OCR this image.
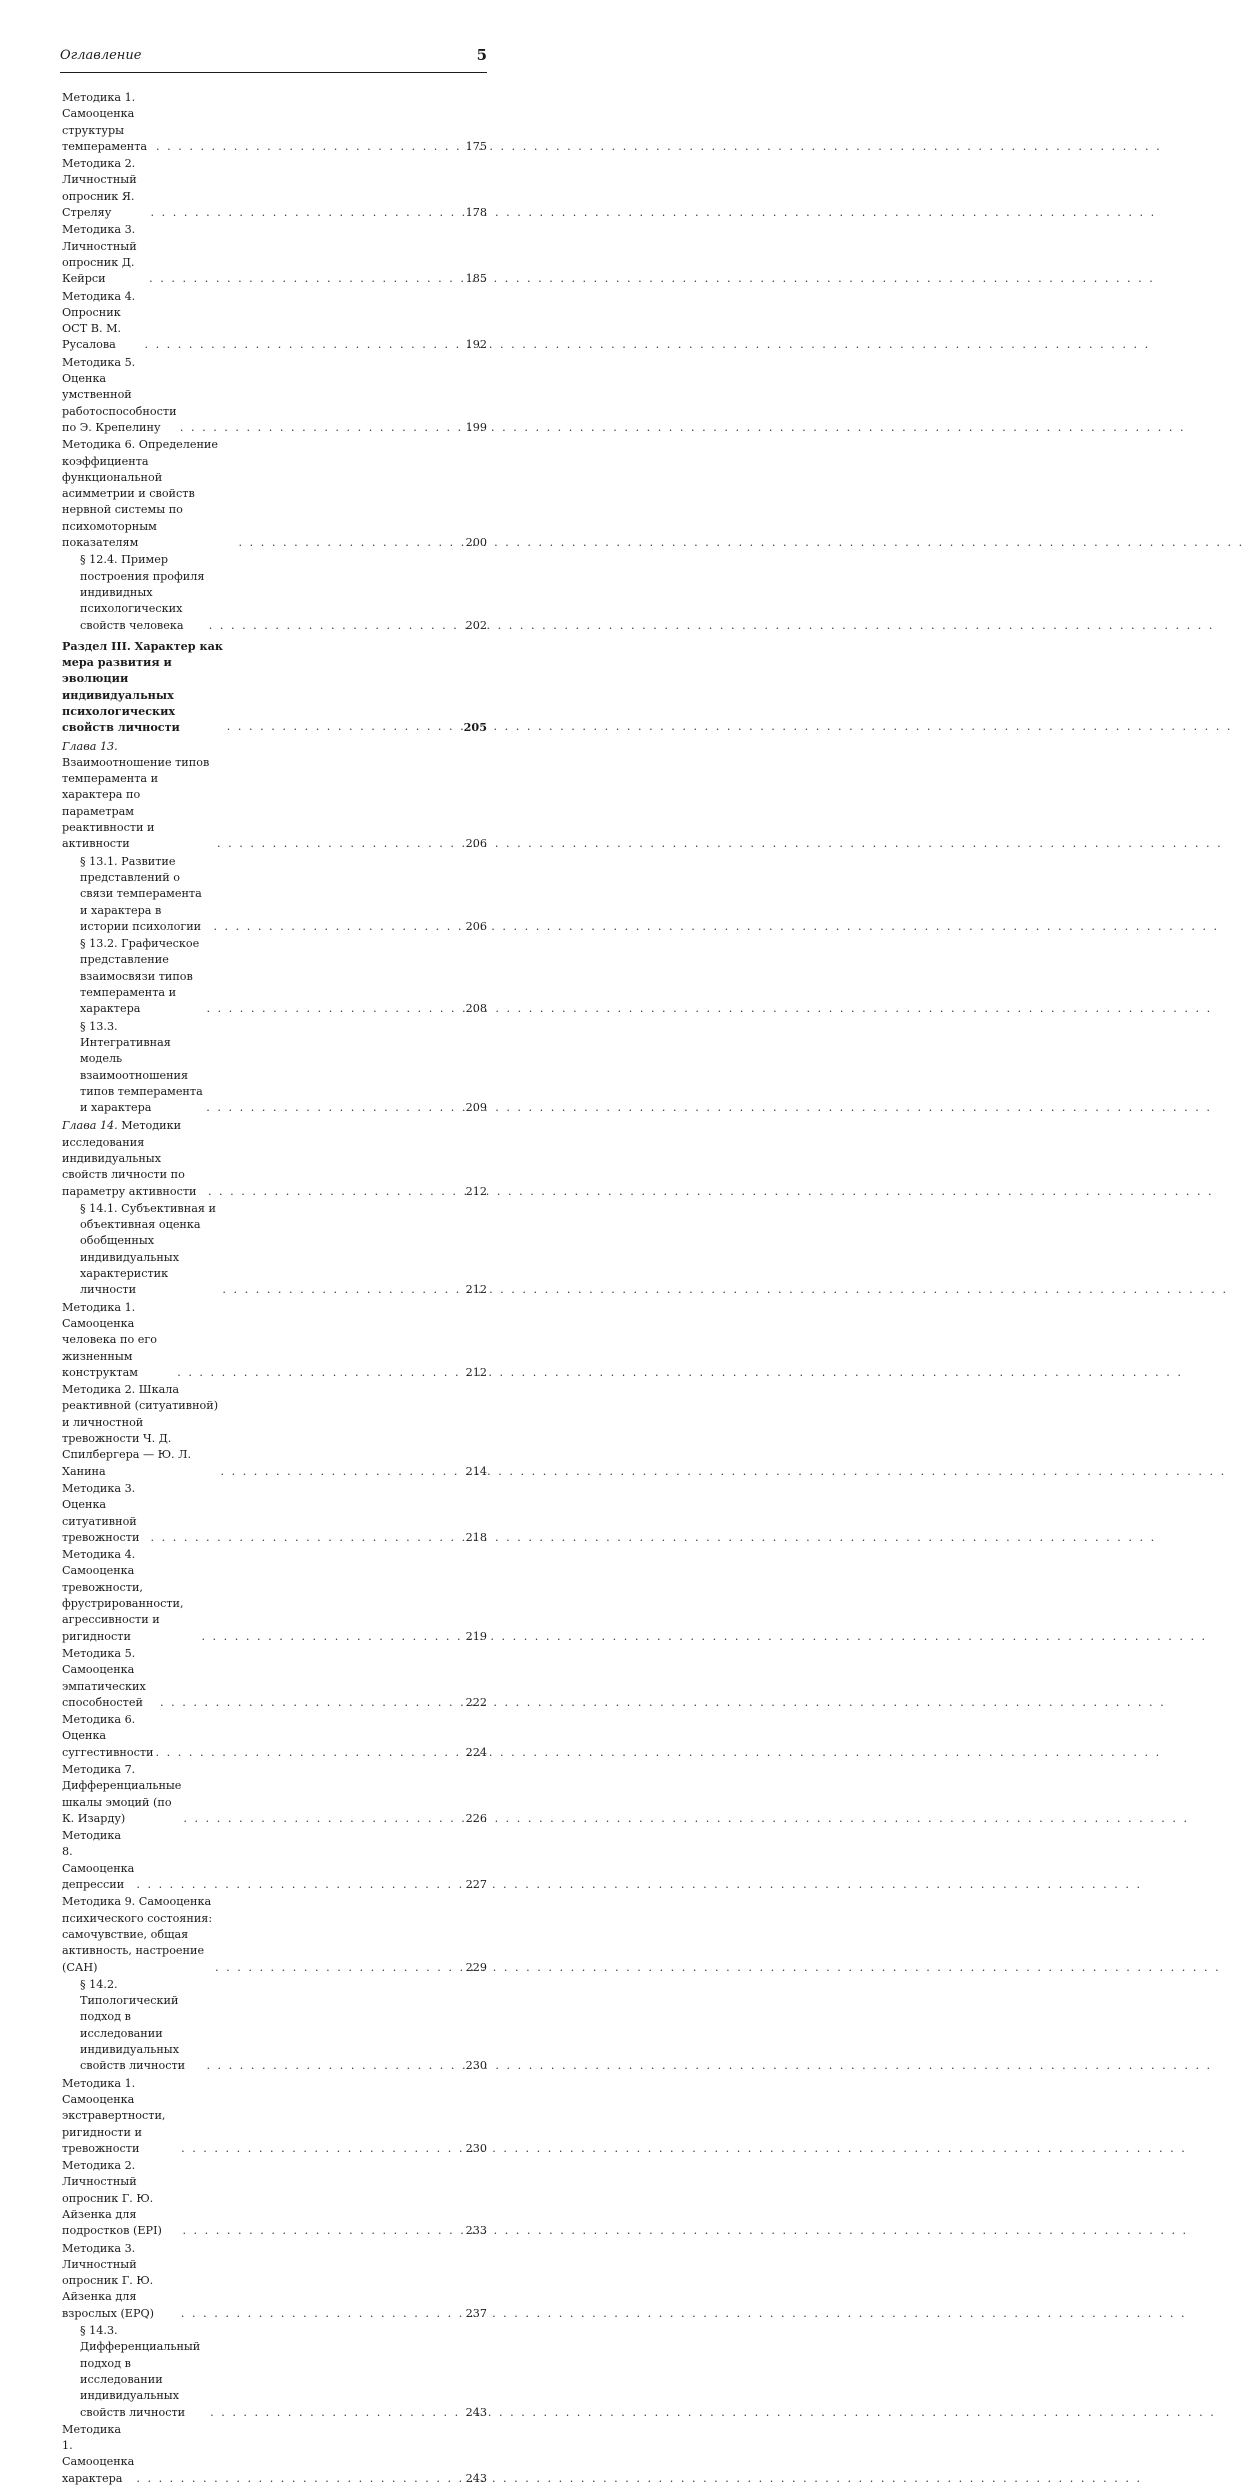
Оглавление	5
Методика 1. Самооценка структуры темперамента . . .	175
Методика 2. Личностный опросник Я. Стреляу . . .	178
Методика 3. Личностный опросник Д. Кейрси . . .	185
Методика 4. Опросник ОСТ В. М. Русалова . . .	192
Методика 5. Оценка умственной работоспособности по Э. Крепелину . . .	199
Методика 6. Определение коэффициента функциональной асимметрии и свойств нервной системы по психомоторным показателям . . .	200
§ 12.4. Пример построения профиля индивидных психологических свойств человека . . .	202
Раздел III. Характер как мера развития и эволюции индивидуальных психологических свойств личности . . .	205
Глава 13. Взаимоотношение типов темперамента и характера по параметрам реактивности и активности . . .	206
§ 13.1. Развитие представлений о связи темперамента и характера в истории психологии . . .	206
§ 13.2. Графическое представление взаимосвязи типов темперамента и характера . . .	208
§ 13.3. Интегративная модель взаимоотношения типов темперамента и характера . . .	209
Глава 14. Методики исследования индивидуальных свойств личности по параметру активности . . .	212
§ 14.1. Субъективная и объективная оценка обобщенных индивидуальных характеристик личности . . .	212
Методика 1. Самооценка человека по его жизненным конструктам . . .	212
Методика 2. Шкала реактивной (ситуативной) и личностной тревожности Ч. Д. Спилбергера — Ю. Л. Ханина . . .	214
Методика 3. Оценка ситуативной тревожности . . .	218
Методика 4. Самооценка тревожности, фрустрированности, агрессивности и ригидности . . .	219
Методика 5. Самооценка эмпатических способностей . . .	222
Методика 6. Оценка суггестивности . . .	224
Методика 7. Дифференциальные шкалы эмоций (по К. Изарду) . . .	226
Методика 8. Самооценка депрессии . . .	227
Методика 9. Самооценка психического состояния: самочувствие, общая активность, настроение (САН) . . .	229
§ 14.2. Типологический подход в исследовании индивидуальных свойств личности . . .	230
Методика 1. Самооценка экстравертности, ригидности и тревожности . . .	230
Методика 2. Личностный опросник Г. Ю. Айзенка для подростков (EPI) . . .	233
Методика 3. Личностный опросник Г. Ю. Айзенка для взрослых (EPQ) . . .	237
§ 14.3. Дифференциальный подход в исследовании индивидуальных свойств личности . . .	243
Методика 1. Самооценка характера . . .	243
